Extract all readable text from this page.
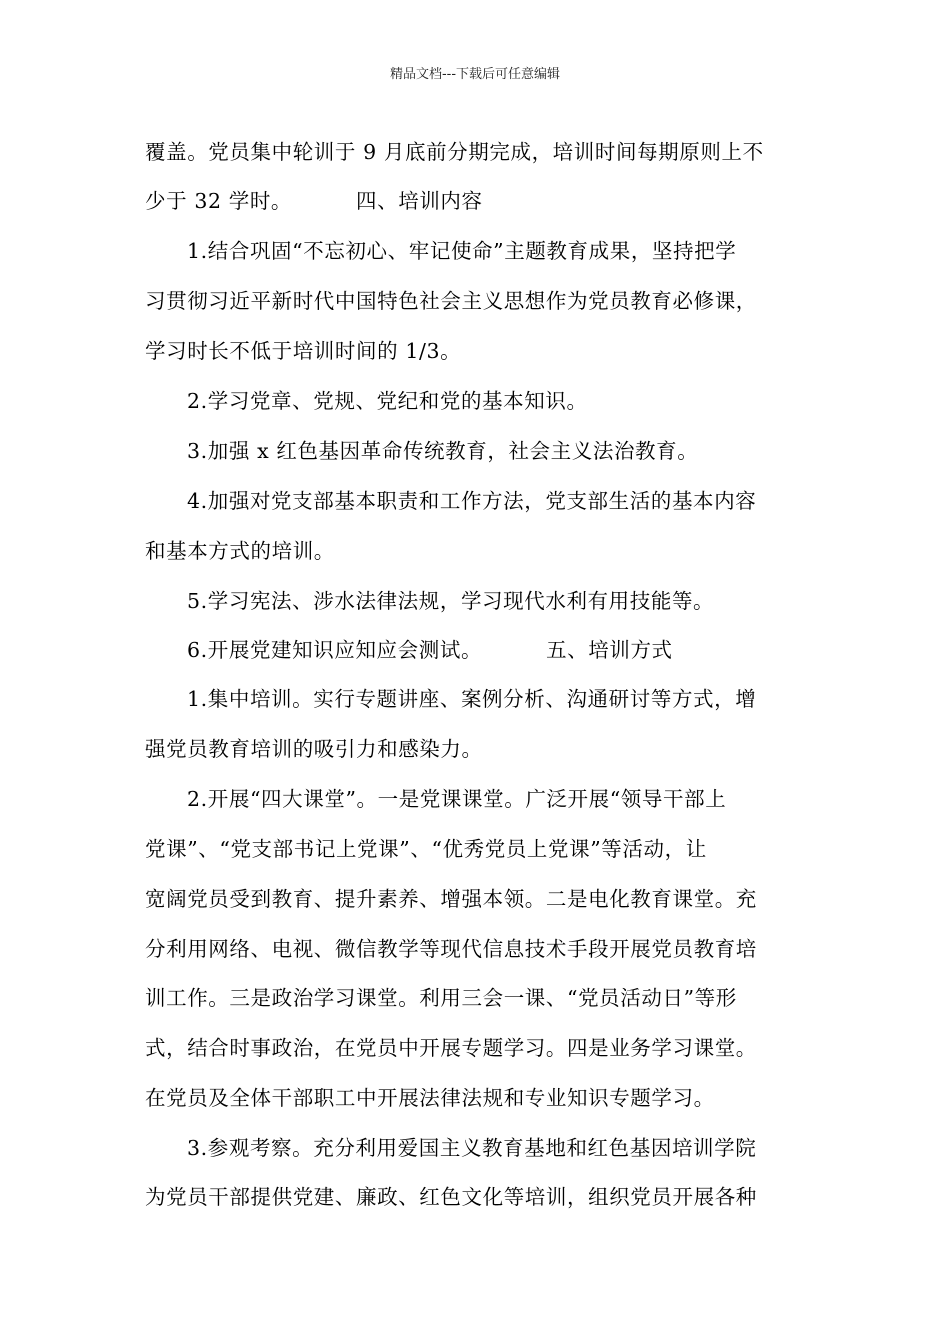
精品文档---下载后可任意编辑
覆盖。党员集中轮训于 9 月底前分期完成，培训时间每期原则上不
少于 32 学时。	四、培训内容
1.结合巩固“不忘初心、牢记使命”主题教育成果，坚持把学
习贯彻习近平新时代中国特色社会主义思想作为党员教育必修课，
学习时长不低于培训时间的 1/3。
2.学习党章、党规、党纪和党的基本知识。
3.加强 x 红色基因革命传统教育，社会主义法治教育。
4.加强对党支部基本职责和工作方法，党支部生活的基本内容
和基本方式的培训。
5.学习宪法、涉水法律法规，学习现代水利有用技能等。
6.开展党建知识应知应会测试。	五、培训方式
1.集中培训。实行专题讲座、案例分析、沟通研讨等方式，增
强党员教育培训的吸引力和感染力。
2.开展“四大课堂”。一是党课课堂。广泛开展“领导干部上
党课”、“党支部书记上党课”、“优秀党员上党课”等活动，让
宽阔党员受到教育、提升素养、增强本领。二是电化教育课堂。充
分利用网络、电视、微信教学等现代信息技术手段开展党员教育培
训工作。三是政治学习课堂。利用三会一课、“党员活动日”等形
式，结合时事政治，在党员中开展专题学习。四是业务学习课堂。
在党员及全体干部职工中开展法律法规和专业知识专题学习。
3.参观考察。充分利用爱国主义教育基地和红色基因培训学院
为党员干部提供党建、廉政、红色文化等培训，组织党员开展各种
